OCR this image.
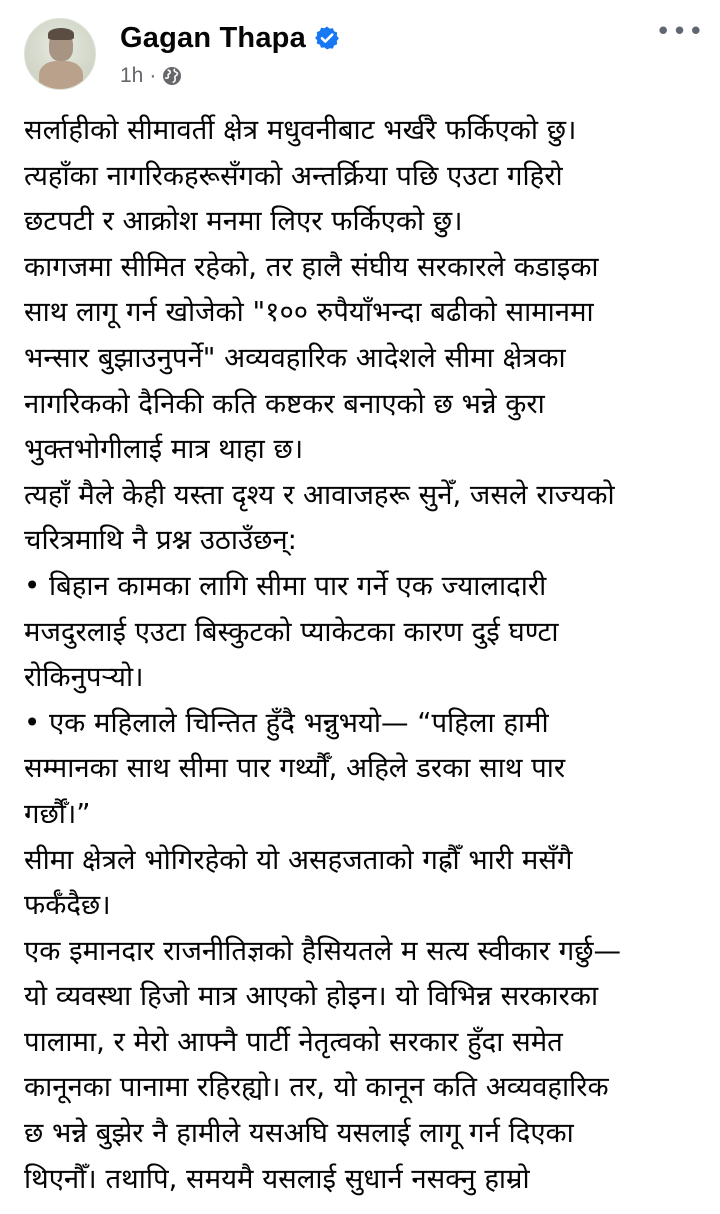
Gagan Thapa
1h ·
•••
सर्लाहीको सीमावर्ती क्षेत्र मधुवनीबाट भर्खरै फर्किएको छु।
त्यहाँका नागरिकहरूसँगको अन्तर्क्रिया पछि एउटा गहिरो
छटपटी र आक्रोश मनमा लिएर फर्किएको छु।
कागजमा सीमित रहेको, तर हालै संघीय सरकारले कडाइका
साथ लागू गर्न खोजेको "१०० रुपैयाँभन्दा बढीको सामानमा
भन्सार बुझाउनुपर्ने" अव्यवहारिक आदेशले सीमा क्षेत्रका
नागरिकको दैनिकी कति कष्टकर बनाएको छ भन्ने कुरा
भुक्तभोगीलाई मात्र थाहा छ।
त्यहाँ मैले केही यस्ता दृश्य र आवाजहरू सुनेँ, जसले राज्यको
चरित्रमाथि नै प्रश्न उठाउँछन्:
• बिहान कामका लागि सीमा पार गर्ने एक ज्यालादारी
मजदुरलाई एउटा बिस्कुटको प्याकेटका कारण दुई घण्टा
रोकिनुपर्‍यो।
• एक महिलाले चिन्तित हुँदै भन्नुभयो— “पहिला हामी
सम्मानका साथ सीमा पार गर्थ्यौँ, अहिले डरका साथ पार
गर्छौँ।”
सीमा क्षेत्रले भोगिरहेको यो असहजताको गह्रौँ भारी मसँगै
फर्कँदैछ।
एक इमानदार राजनीतिज्ञको हैसियतले म सत्य स्वीकार गर्छु—
यो व्यवस्था हिजो मात्र आएको होइन। यो विभिन्न सरकारका
पालामा, र मेरो आफ्नै पार्टी नेतृत्वको सरकार हुँदा समेत
कानूनका पानामा रहिरह्यो। तर, यो कानून कति अव्यवहारिक
छ भन्ने बुझेर नै हामीले यसअघि यसलाई लागू गर्न दिएका
थिएनौँ। तथापि, समयमै यसलाई सुधार्न नसक्नु हाम्रो
